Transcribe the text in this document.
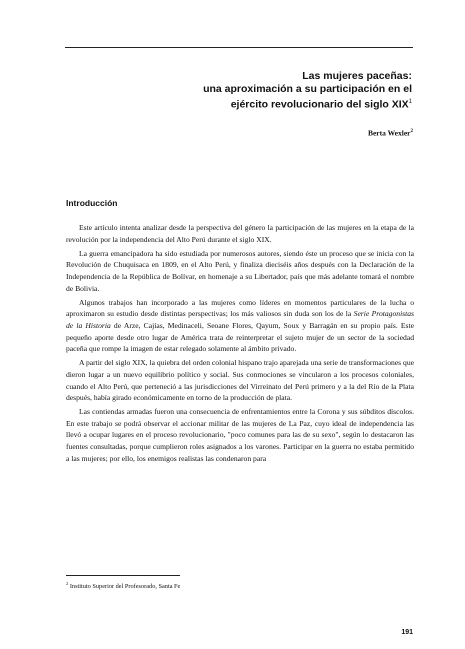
Las mujeres paceñas:
una aproximación a su participación en el
ejército revolucionario del siglo XIX$^1$
Berta Wexler$^2$
Introducción

Este artículo intenta analizar desde la perspectiva del género la participación de las mujeres en la etapa de la revolución por la independencia del Alto Perú durante el siglo XIX.

La guerra emancipadora ha sido estudiada por numerosos autores, siendo éste un proceso que se inicia con la Revolución de Chuquisaca en 1809, en el Alto Perú, y finaliza dieciséis años después con la Declaración de la Independencia de la República de Bolívar, en homenaje a su Libertador, país que más adelante tomará el nombre de Bolivia.

Algunos trabajos han incorporado a las mujeres como líderes en momentos particulares de la lucha o aproximaron su estudio desde distintas perspectivas; los más valiosos sin duda son los de la Serie Protagonistas de la Historia de Arze, Cajías, Medinaceli, Seoane Flores, Qayum, Soux y Barragán en su propio país. Este pequeño aporte desde otro lugar de América trata de reinterpretar el sujeto mujer de un sector de la sociedad paceña que rompe la imagen de estar relegado solamente al ámbito privado.

A partir del siglo XIX, la quiebra del orden colonial hispano trajo aparejada una serie de transformaciones que dieron lugar a un nuevo equilibrio político y social. Sus conmociones se vincularon a los procesos coloniales, cuando el Alto Perú, que perteneció a las jurisdicciones del Virreinato del Perú primero y a la del Río de la Plata después, había girado económicamente en torno de la producción de plata.

Las contiendas armadas fueron una consecuencia de enfrentamientos entre la Corona y sus súbditos díscolos. En este trabajo se podrá observar el accionar militar de las mujeres de La Paz, cuyo ideal de independencia las llevó a ocupar lugares en el proceso revolucionario, "poco comunes para las de su sexo", según lo destacaron las fuentes consultadas, porque cumplieron roles asignados a los varones. Participar en la guerra no estaba permitido a las mujeres; por ello, los enemigos realistas las condenaron para

$^2$ Instituto Superior del Profesorado, Santa Fe
191
